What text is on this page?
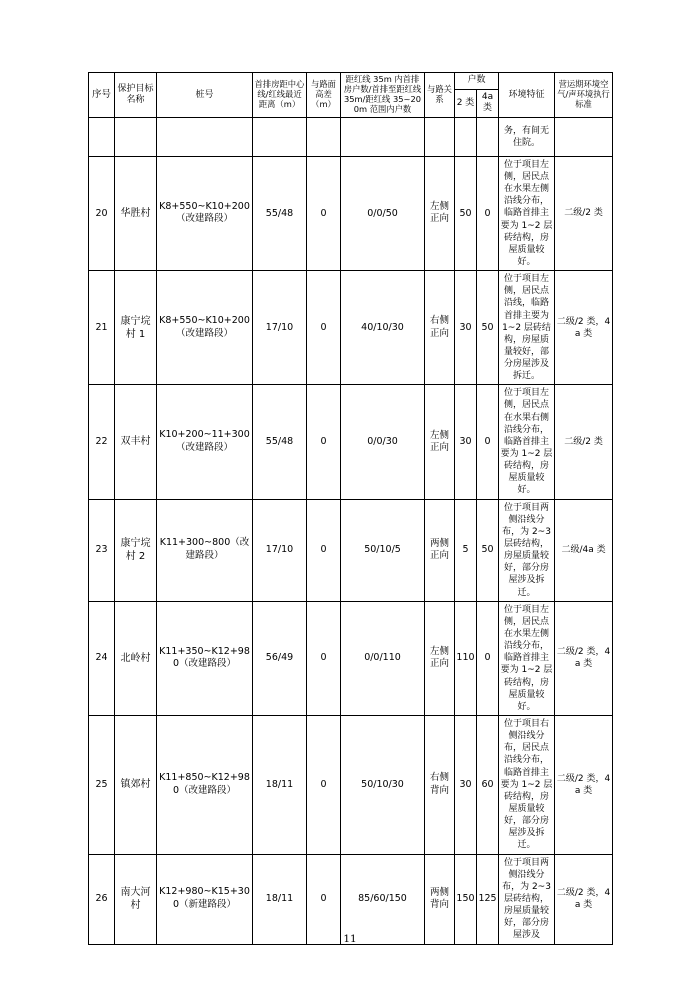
序号	保护目标名称	桩号	首排房距中心线/红线最近距离（m）	与路面高差（m）	距红线 35m 内首排房户数/首排至距红线 35m/距红线 35~200m 范围内户数	与路关系	户数		环境特征	营运期环境空气/声环境执行标准
							2 类	4a 类		
									务，有间无住院。	
20	华胜村	K8+550~K10+200（改建路段）	55/48	0	0/0/50	左侧正向	50	0	位于项目左侧，居民点在水果左侧沿线分布，临路首排主要为 1~2 层砖结构，房屋质量较好。	二级/2 类
21	康宁垸村 1	K8+550~K10+200（改建路段）	17/10	0	40/10/30	右侧正向	30	50	位于项目左侧，居民点沿线，临路首排主要为 1~2 层砖结构，房屋质量较好，部分房屋涉及拆迁。	二级/2 类，4a 类
22	双丰村	K10+200~11+300（改建路段）	55/48	0	0/0/30	左侧正向	30	0	位于项目左侧，居民点在水果右侧沿线分布，临路首排主要为 1~2 层砖结构，房屋质量较好。	二级/2 类
23	康宁垸村 2	K11+300~800（改建路段）	17/10	0	50/10/5	两侧正向	5	50	位于项目两侧沿线分布，为 2~3 层砖结构，房屋质量较好，部分房屋涉及拆迁。	二级/4a 类
24	北岭村	K11+350~K12+980（改建路段）	56/49	0	0/0/110	左侧正向	110	0	位于项目左侧，居民点在水果左侧沿线分布，临路首排主要为 1~2 层砖结构，房屋质量较好。	二级/2 类，4a 类
25	镇郊村	K11+850~K12+980（改建路段）	18/11	0	50/10/30	右侧背向	30	60	位于项目右侧沿线分布，居民点沿线分布，临路首排主要为 1~2 层砖结构，房屋质量较好，部分房屋涉及拆迁。	二级/2 类，4a 类
26	南大河村	K12+980~K15+300（新建路段）	18/11	0	85/60/150	两侧背向	150	125	位于项目两侧沿线分布，为 2~3 层砖结构，房屋质量较好，部分房屋涉及	二级/2 类，4a 类
11
